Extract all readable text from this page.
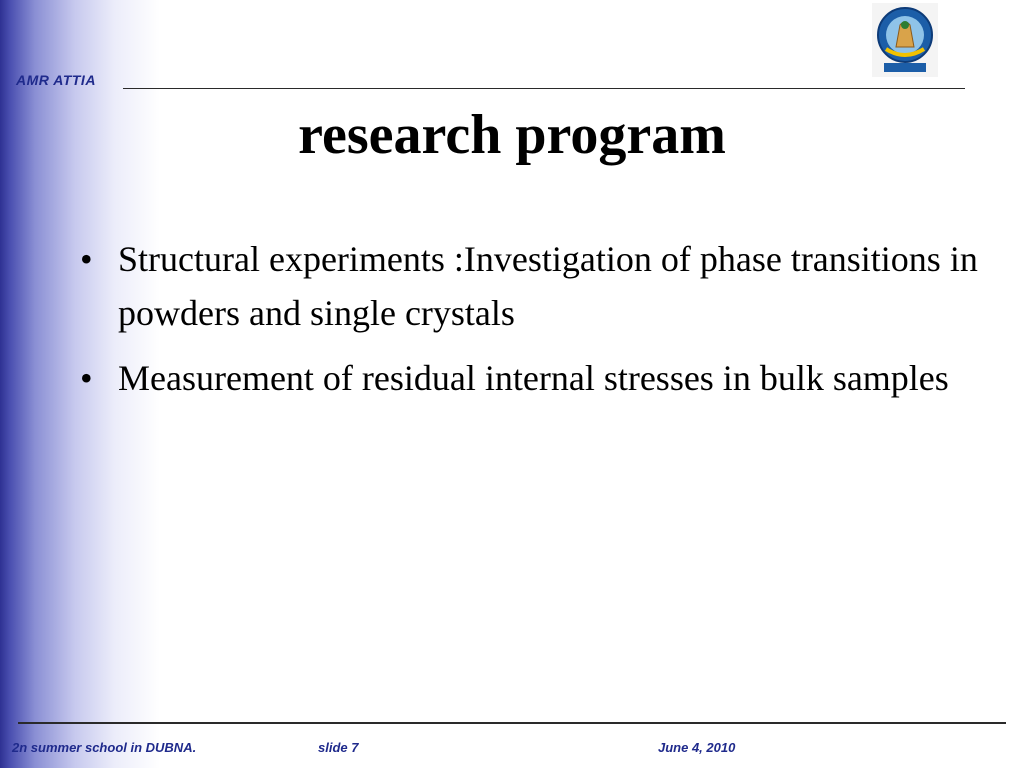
AMR ATTIA
research program
• Structural experiments :Investigation of phase transitions in powders and single crystals
• Measurement of residual internal stresses in bulk samples
2n summer school in DUBNA.	slide 7	June 4, 2010
